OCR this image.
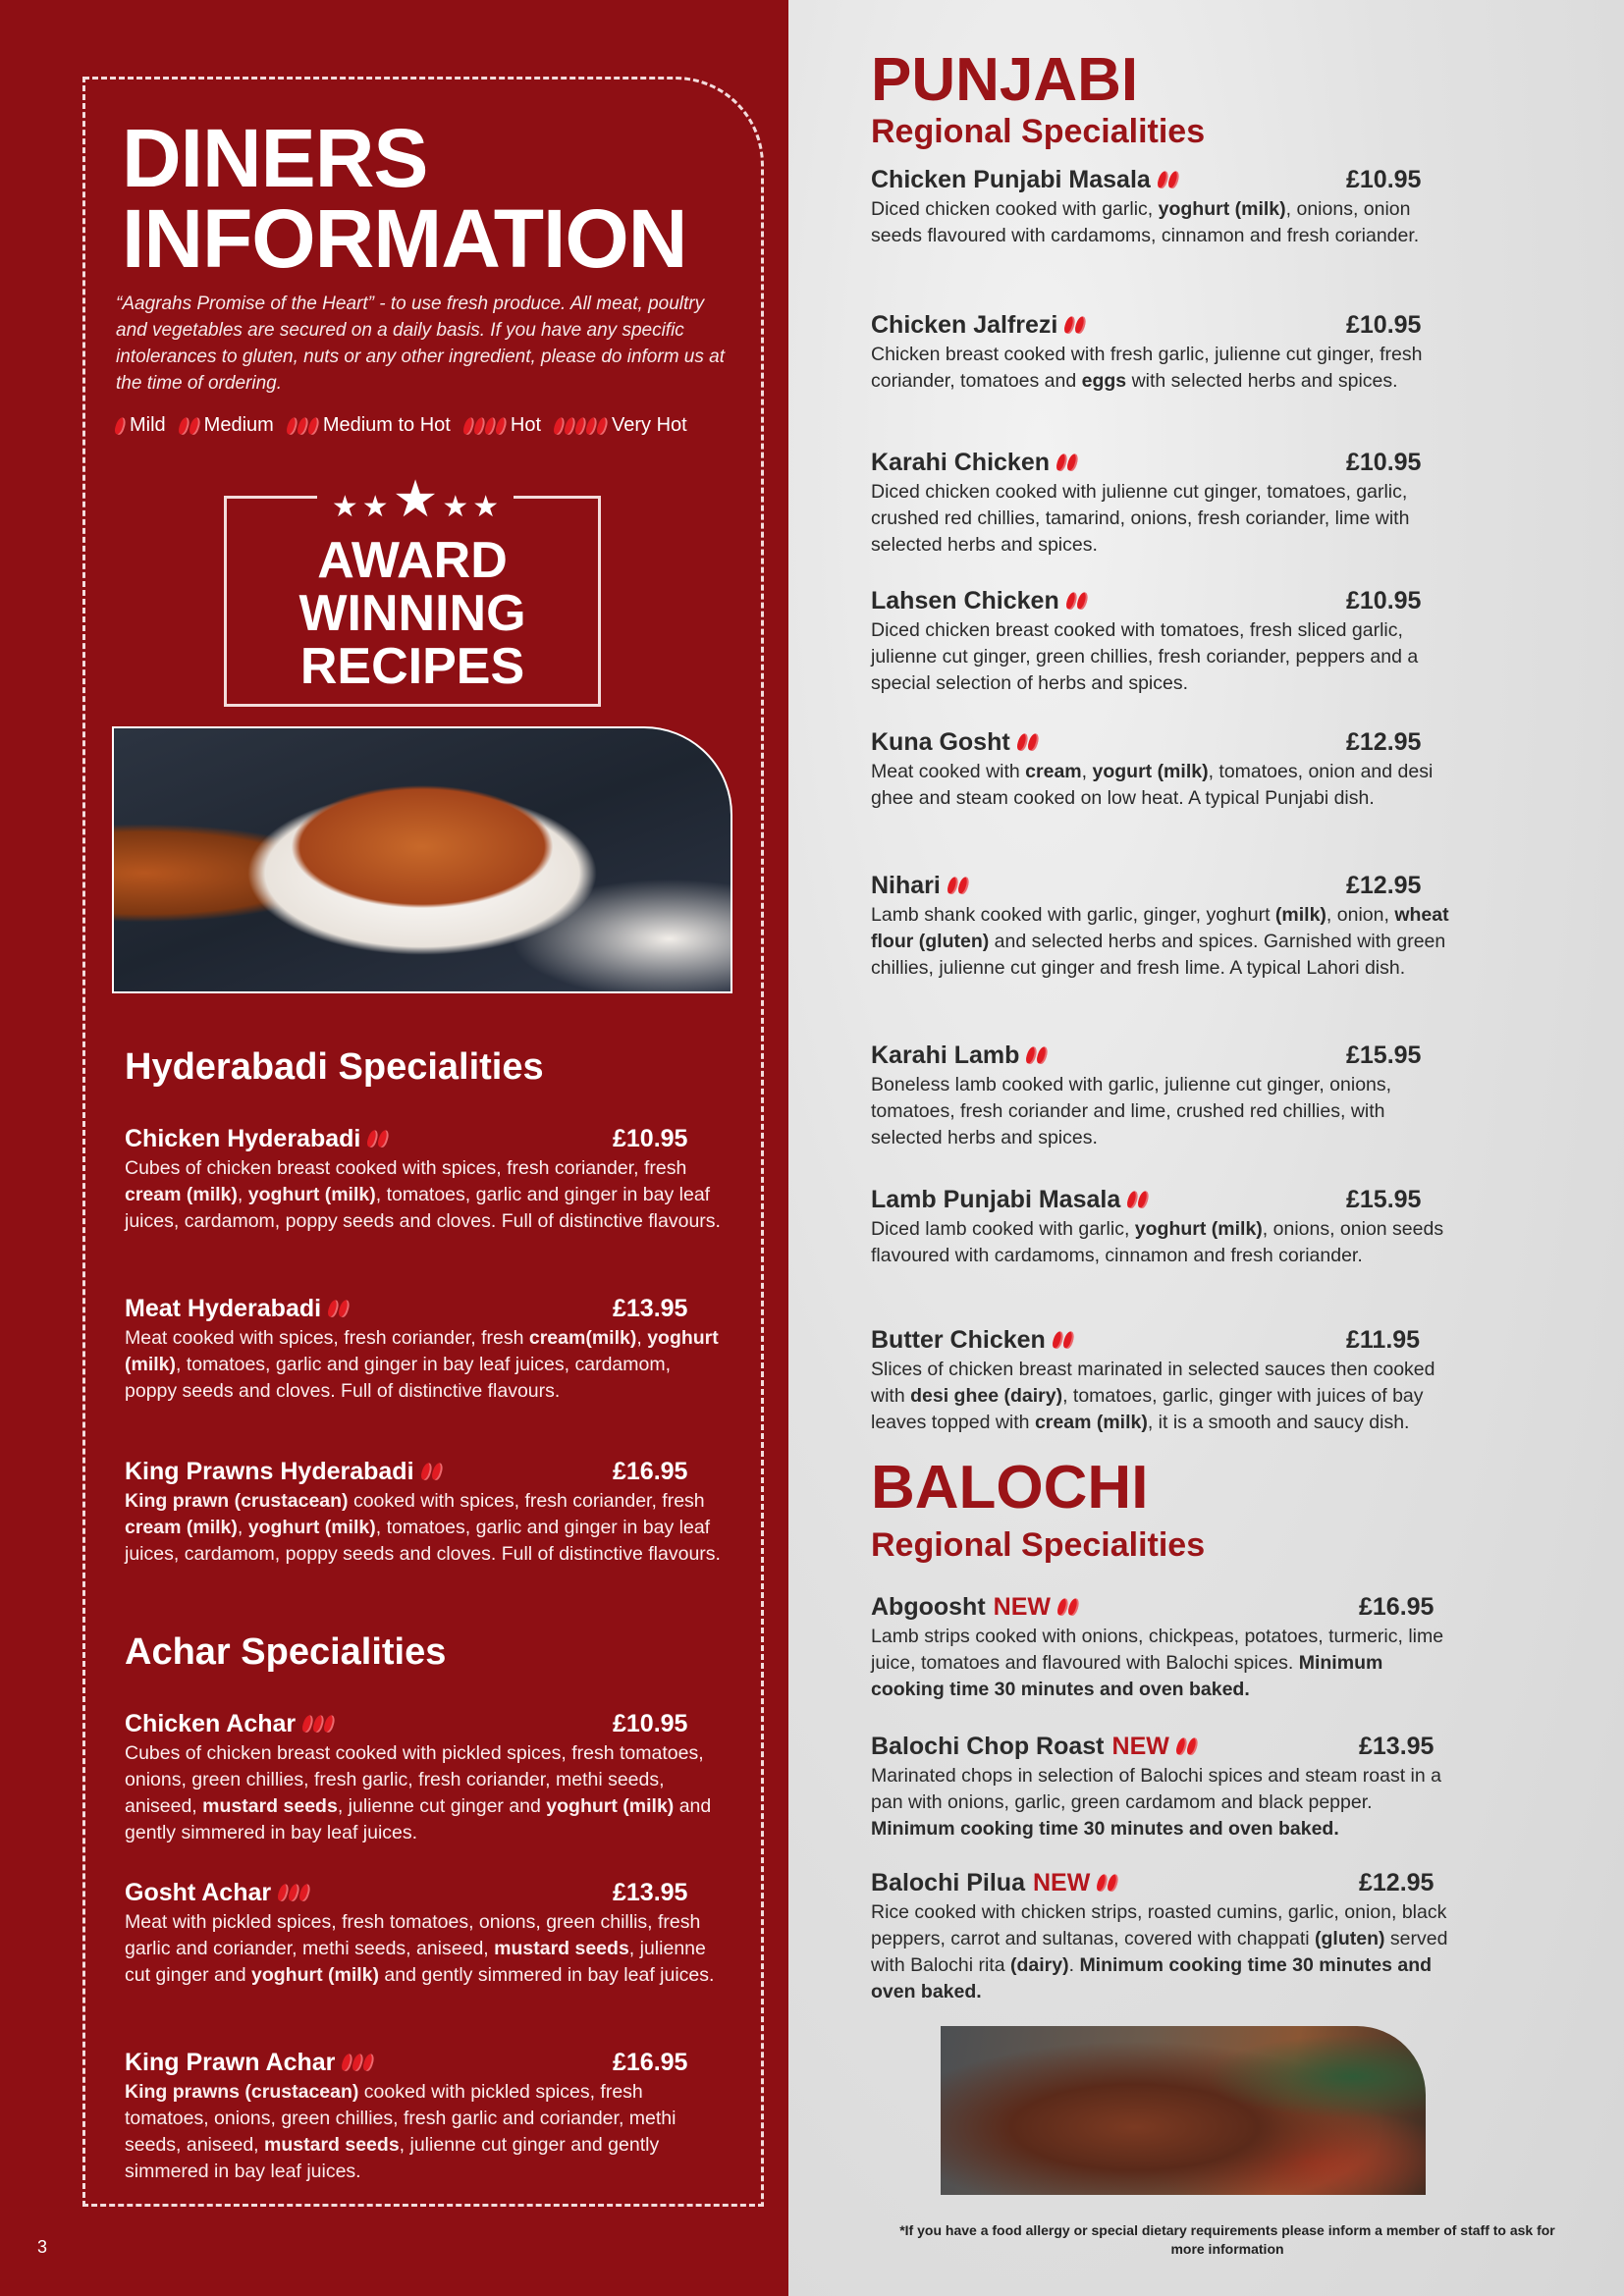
DINERS
INFORMATION

“Aagrahs Promise of the Heart” - to use fresh produce. All meat, poultry and vegetables are secured on a daily basis. If you have any specific intolerances to gluten, nuts or any other ingredient, please do inform us at the time of ordering.

Mild Medium	Medium to Hot	Hot	Very Hot
★ ★ ★ ★ ★
AWARD
WINNING
RECIPES
Hyderabadi Specialities
Chicken Hyderabadi	£10.95

Cubes of chicken breast cooked with spices, fresh coriander, fresh cream (milk), yoghurt (milk), tomatoes, garlic and ginger in bay leaf juices, cardamom, poppy seeds and cloves. Full of distinctive flavours.

Meat Hyderabadi	£13.95

Meat cooked with spices, fresh coriander, fresh cream(milk), yoghurt (milk), tomatoes, garlic and ginger in bay leaf juices, cardamom, poppy seeds and cloves. Full of distinctive flavours.

King Prawns Hyderabadi	£16.95

King prawn (crustacean) cooked with spices, fresh coriander, fresh cream (milk), yoghurt (milk), tomatoes, garlic and ginger in bay leaf juices, cardamom, poppy seeds and cloves. Full of distinctive flavours.

Achar Specialities
Chicken Achar	£10.95

Cubes of chicken breast cooked with pickled spices, fresh tomatoes, onions, green chillies, fresh garlic, fresh coriander, methi seeds, aniseed, mustard seeds, julienne cut ginger and yoghurt (milk) and gently simmered in bay leaf juices.

Gosht Achar	£13.95

Meat with pickled spices, fresh tomatoes, onions, green chillis, fresh garlic and coriander, methi seeds, aniseed, mustard seeds, julienne cut ginger and yoghurt (milk) and gently simmered in bay leaf juices.

King Prawn Achar	£16.95

King prawns (crustacean) cooked with pickled spices, fresh tomatoes, onions, green chillies, fresh garlic and coriander, methi seeds, aniseed, mustard seeds, julienne cut ginger and gently simmered in bay leaf juices.

3
PUNJABI
Regional Specialities
Chicken Punjabi Masala	£10.95

Diced chicken cooked with garlic, yoghurt (milk), onions, onion seeds flavoured with cardamoms, cinnamon and fresh coriander.

Chicken Jalfrezi	£10.95

Chicken breast cooked with fresh garlic, julienne cut ginger, fresh coriander, tomatoes and eggs with selected herbs and spices.

Karahi Chicken	£10.95

Diced chicken cooked with julienne cut ginger, tomatoes, garlic, crushed red chillies, tamarind, onions, fresh coriander, lime with selected herbs and spices.

Lahsen Chicken	£10.95

Diced chicken breast cooked with tomatoes, fresh sliced garlic, julienne cut ginger, green chillies, fresh coriander, peppers and a special selection of herbs and spices.

Kuna Gosht	£12.95

Meat cooked with cream, yogurt (milk), tomatoes, onion and desi ghee and steam cooked on low heat. A typical Punjabi dish.

Nihari	£12.95

Lamb shank cooked with garlic, ginger, yoghurt (milk), onion, wheat flour (gluten) and selected herbs and spices. Garnished with green chillies, julienne cut ginger and fresh lime. A typical Lahori dish.

Karahi Lamb	£15.95

Boneless lamb cooked with garlic, julienne cut ginger, onions, tomatoes, fresh coriander and lime, crushed red chillies, with selected herbs and spices.

Lamb Punjabi Masala	£15.95

Diced lamb cooked with garlic, yoghurt (milk), onions, onion seeds flavoured with cardamoms, cinnamon and fresh coriander.

Butter Chicken	£11.95

Slices of chicken breast marinated in selected sauces then cooked with desi ghee (dairy), tomatoes, garlic, ginger with juices of bay leaves topped with cream (milk), it is a smooth and saucy dish.

BALOCHI
Regional Specialities
Abgoosht NEW	£16.95

Lamb strips cooked with onions, chickpeas, potatoes, turmeric, lime juice, tomatoes and flavoured with Balochi spices. Minimum cooking time 30 minutes and oven baked.

Balochi Chop Roast NEW	£13.95

Marinated chops in selection of Balochi spices and steam roast in a pan with onions, garlic, green cardamom and black pepper. Minimum cooking time 30 minutes and oven baked.

Balochi Pilua NEW	£12.95

Rice cooked with chicken strips, roasted cumins, garlic, onion, black peppers, carrot and sultanas, covered with chappati (gluten) served with Balochi rita (dairy). Minimum cooking time 30 minutes and oven baked.

*If you have a food allergy or special dietary requirements please inform a member of staff to ask for more information
